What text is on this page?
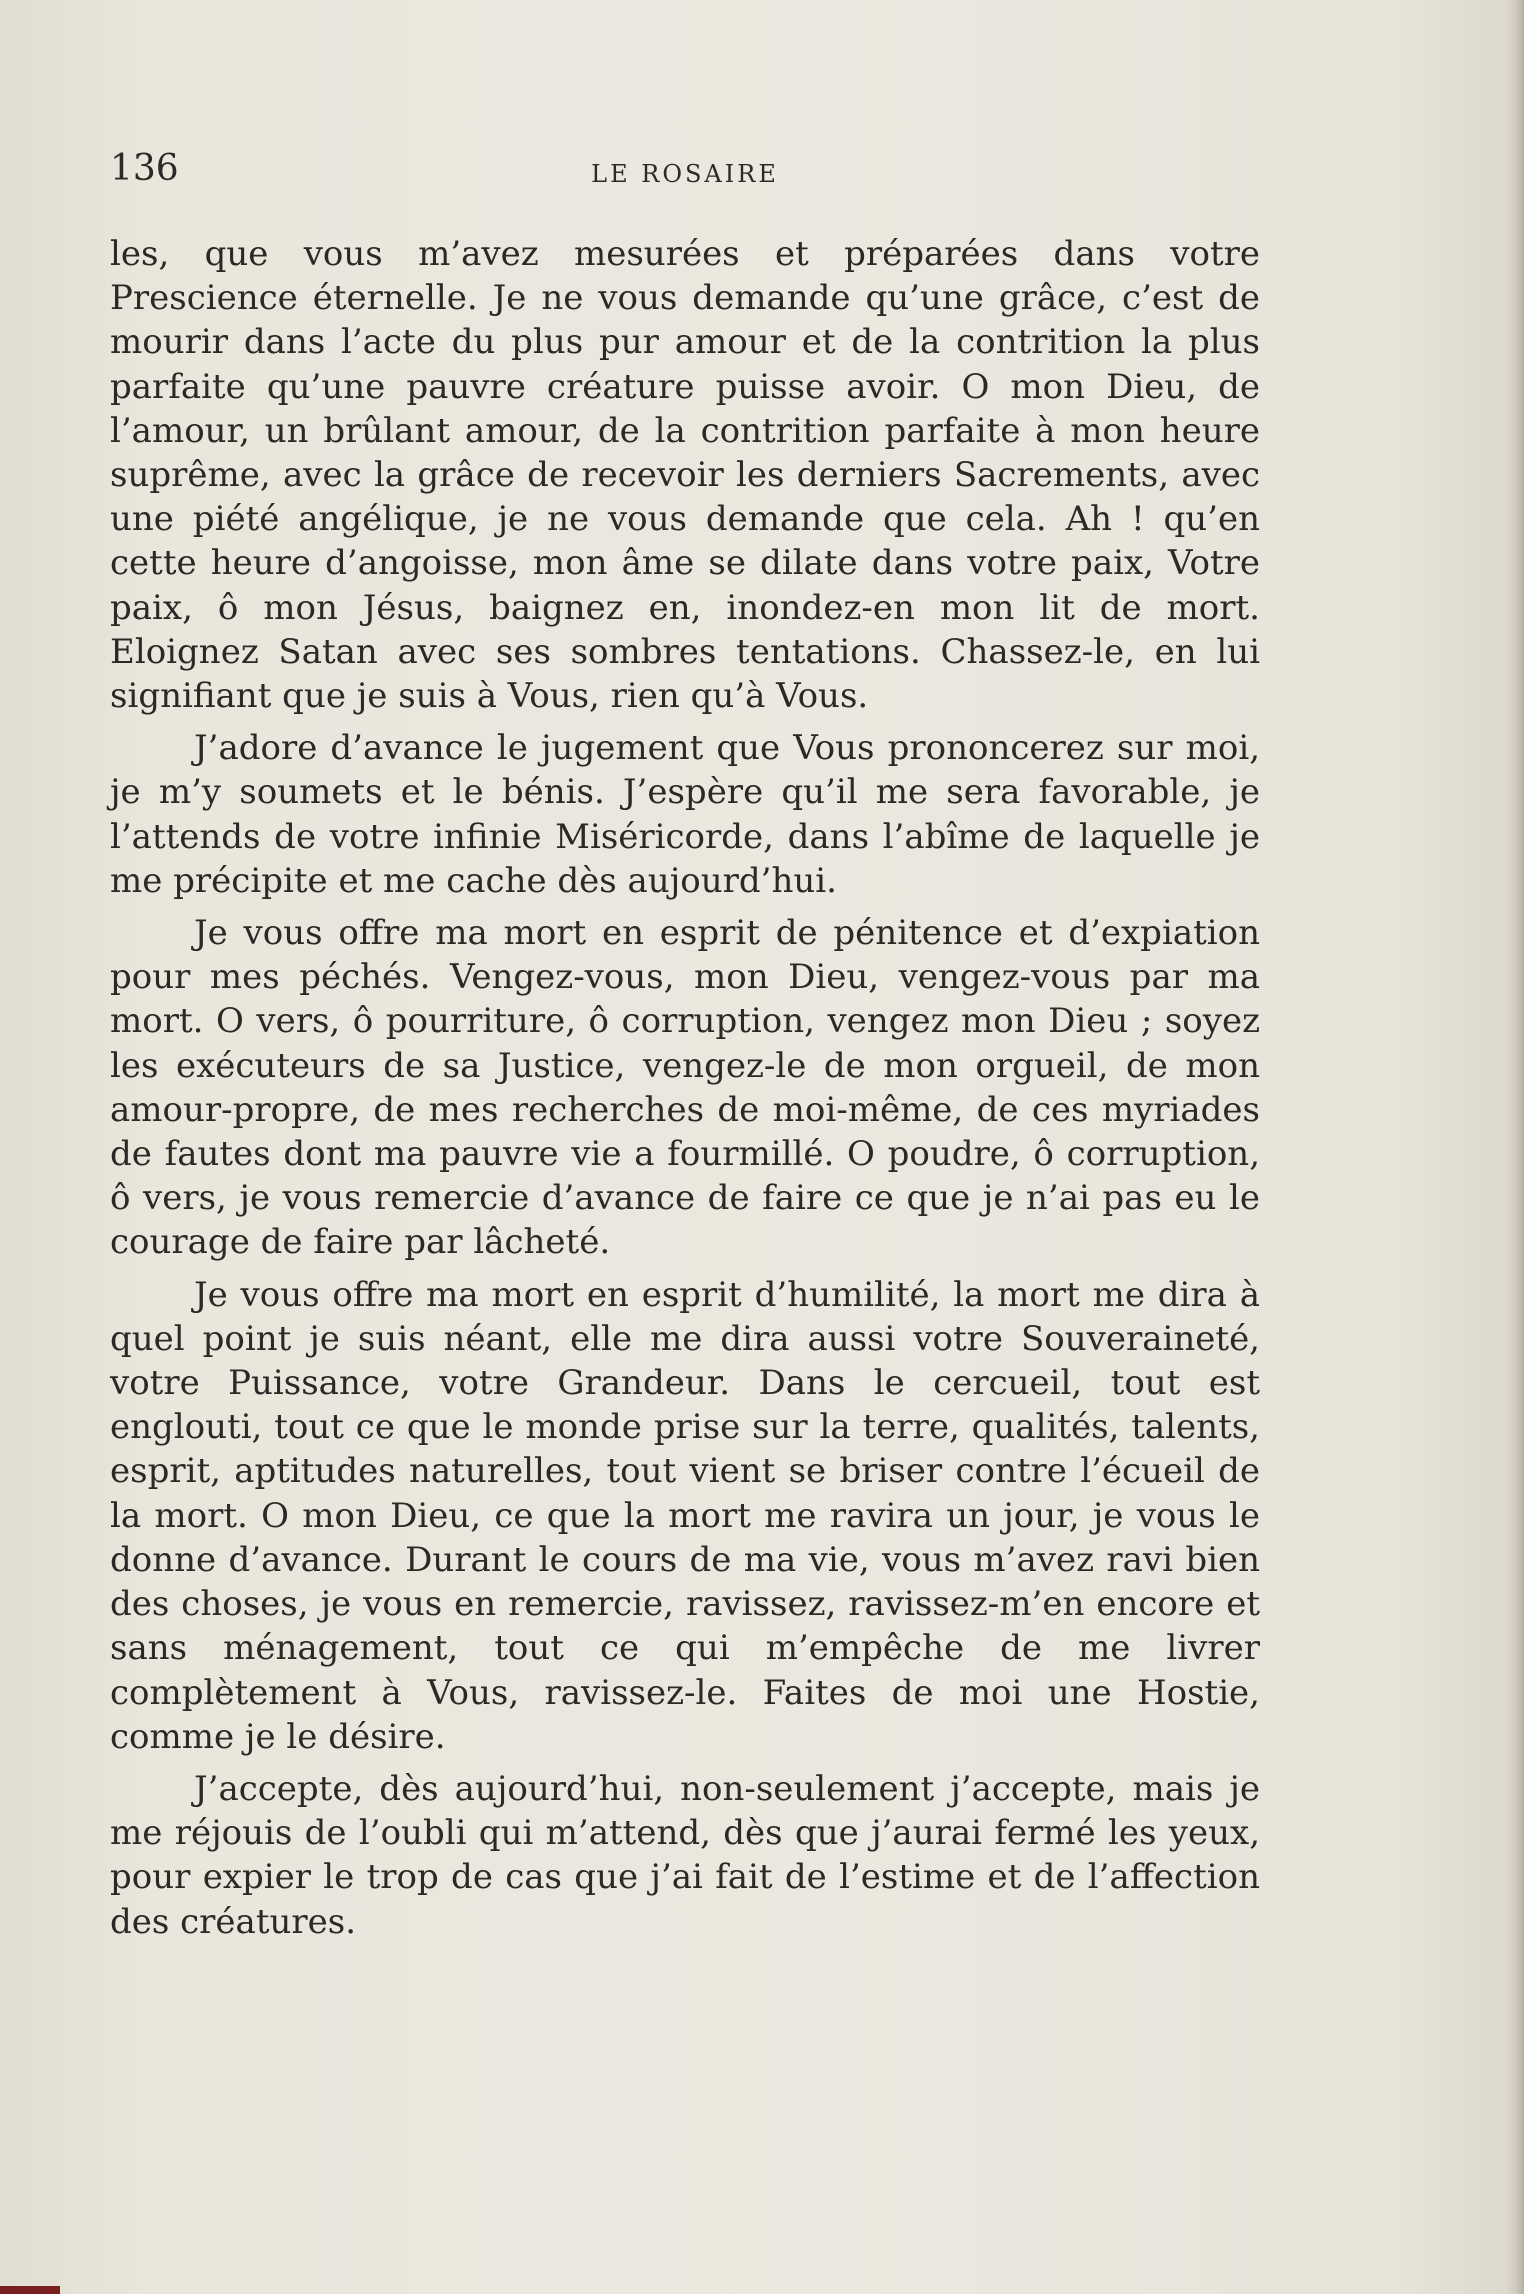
136	LE ROSAIRE

les, que vous m’avez mesurées et préparées dans votre Prescience éternelle. Je ne vous demande qu’une grâce, c’est de mourir dans l’acte du plus pur amour et de la contrition la plus parfaite qu’une pauvre créature puisse avoir. O mon Dieu, de l’amour, un brûlant amour, de la contrition parfaite à mon heure suprême, avec la grâce de recevoir les derniers Sacrements, avec une piété angélique, je ne vous demande que cela. Ah ! qu’en cette heure d’angoisse, mon âme se dilate dans votre paix, Votre paix, ô mon Jésus, baignez en, inondez-en mon lit de mort. Eloignez Satan avec ses sombres tentations. Chassez-le, en lui signifiant que je suis à Vous, rien qu’à Vous.

J’adore d’avance le jugement que Vous prononcerez sur moi, je m’y soumets et le bénis. J’espère qu’il me sera favorable, je l’attends de votre infinie Miséricorde, dans l’abîme de laquelle je me précipite et me cache dès aujourd’hui.

Je vous offre ma mort en esprit de pénitence et d’expiation pour mes péchés. Vengez-vous, mon Dieu, vengez-vous par ma mort. O vers, ô pourriture, ô corruption, vengez mon Dieu ; soyez les exécuteurs de sa Justice, vengez-le de mon orgueil, de mon amour-propre, de mes recherches de moi-même, de ces myriades de fautes dont ma pauvre vie a fourmillé. O poudre, ô corruption, ô vers, je vous remercie d’avance de faire ce que je n’ai pas eu le courage de faire par lâcheté.

Je vous offre ma mort en esprit d’humilité, la mort me dira à quel point je suis néant, elle me dira aussi votre Souveraineté, votre Puissance, votre Grandeur. Dans le cercueil, tout est englouti, tout ce que le monde prise sur la terre, qualités, talents, esprit, aptitudes naturelles, tout vient se briser contre l’écueil de la mort. O mon Dieu, ce que la mort me ravira un jour, je vous le donne d’avance. Durant le cours de ma vie, vous m’avez ravi bien des choses, je vous en remercie, ravissez, ravissez-m’en encore et sans ménagement, tout ce qui m’empêche de me livrer complètement à Vous, ravissez-le. Faites de moi une Hostie, comme je le désire.

J’accepte, dès aujourd’hui, non-seulement j’accepte, mais je me réjouis de l’oubli qui m’attend, dès que j’aurai fermé les yeux, pour expier le trop de cas que j’ai fait de l’estime et de l’affection des créatures.
